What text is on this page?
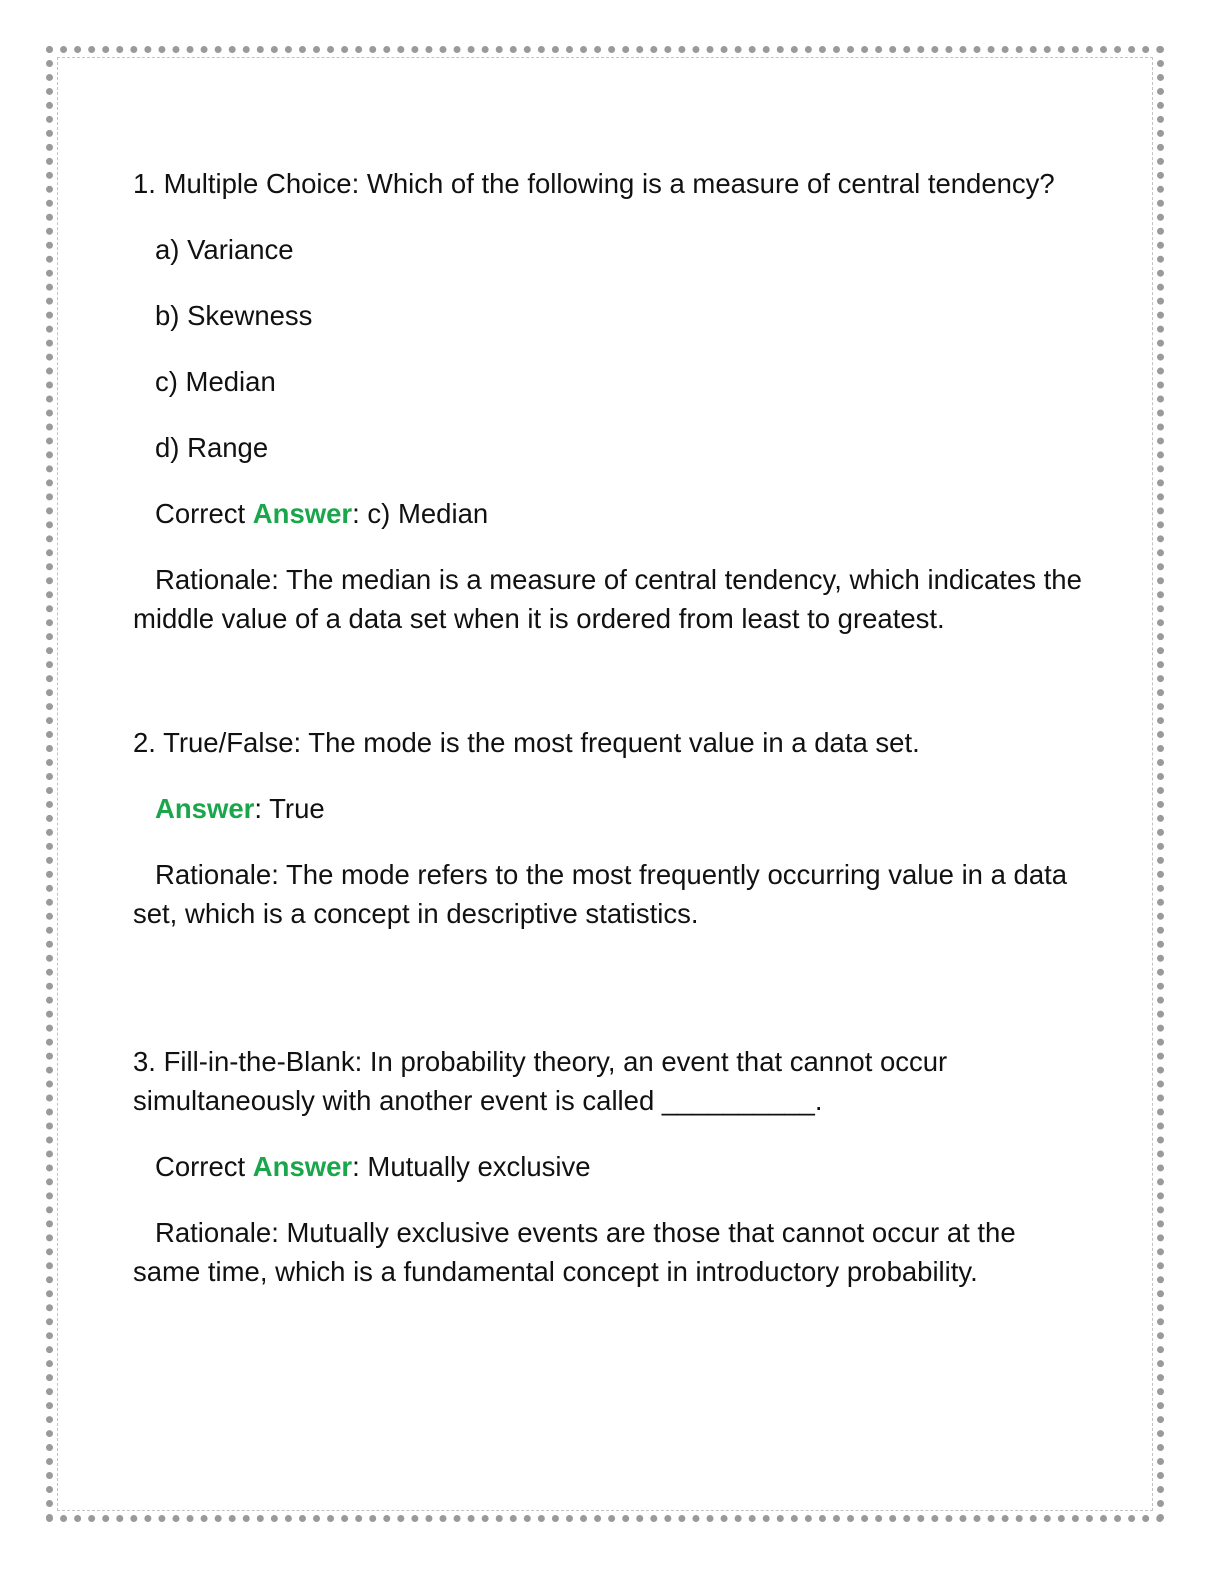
1. Multiple Choice: Which of the following is a measure of central tendency?

a) Variance

b) Skewness

c) Median

d) Range

Correct Answer: c) Median

Rationale: The median is a measure of central tendency, which indicates the middle value of a data set when it is ordered from least to greatest.

2. True/False: The mode is the most frequent value in a data set.

Answer: True

Rationale: The mode refers to the most frequently occurring value in a data set, which is a concept in descriptive statistics.

3. Fill-in-the-Blank: In probability theory, an event that cannot occur simultaneously with another event is called __________.

Correct Answer: Mutually exclusive

Rationale: Mutually exclusive events are those that cannot occur at the same time, which is a fundamental concept in introductory probability.
